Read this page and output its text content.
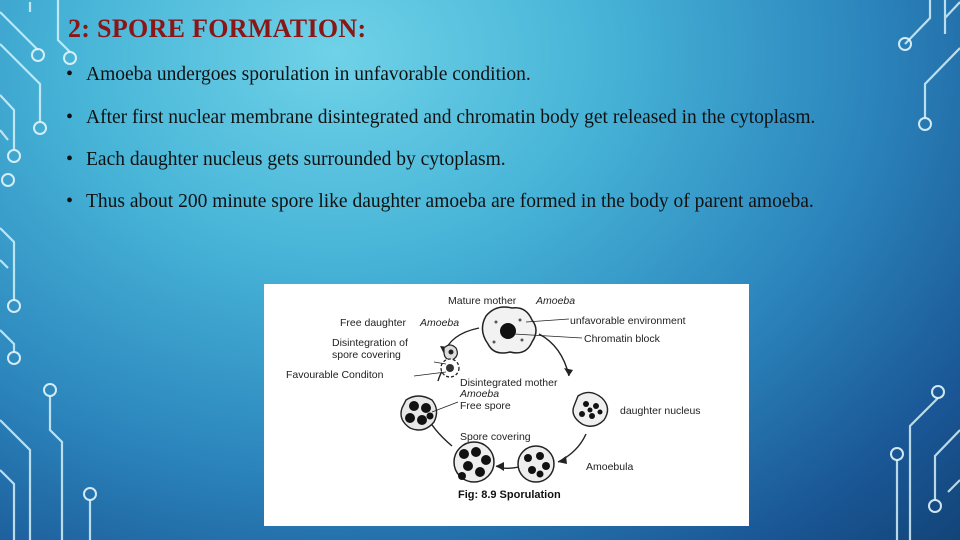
2: SPORE FORMATION:
• Amoeba undergoes sporulation in unfavorable condition.
• After first nuclear membrane disintegrated and chromatin body get released in the cytoplasm.
• Each daughter nucleus gets surrounded by cytoplasm.
• Thus about 200 minute spore like daughter amoeba are formed in the body of parent amoeba.
Mature mother Amoeba
unfavorable environment
Chromatin block
Free daughter Amoeba
Disintegration of
spore covering
Favourable Conditon
Disintegrated mother
Amoeba
Free spore	daughter nucleus
Spore covering
Amoebula
Fig: 8.9 Sporulation
